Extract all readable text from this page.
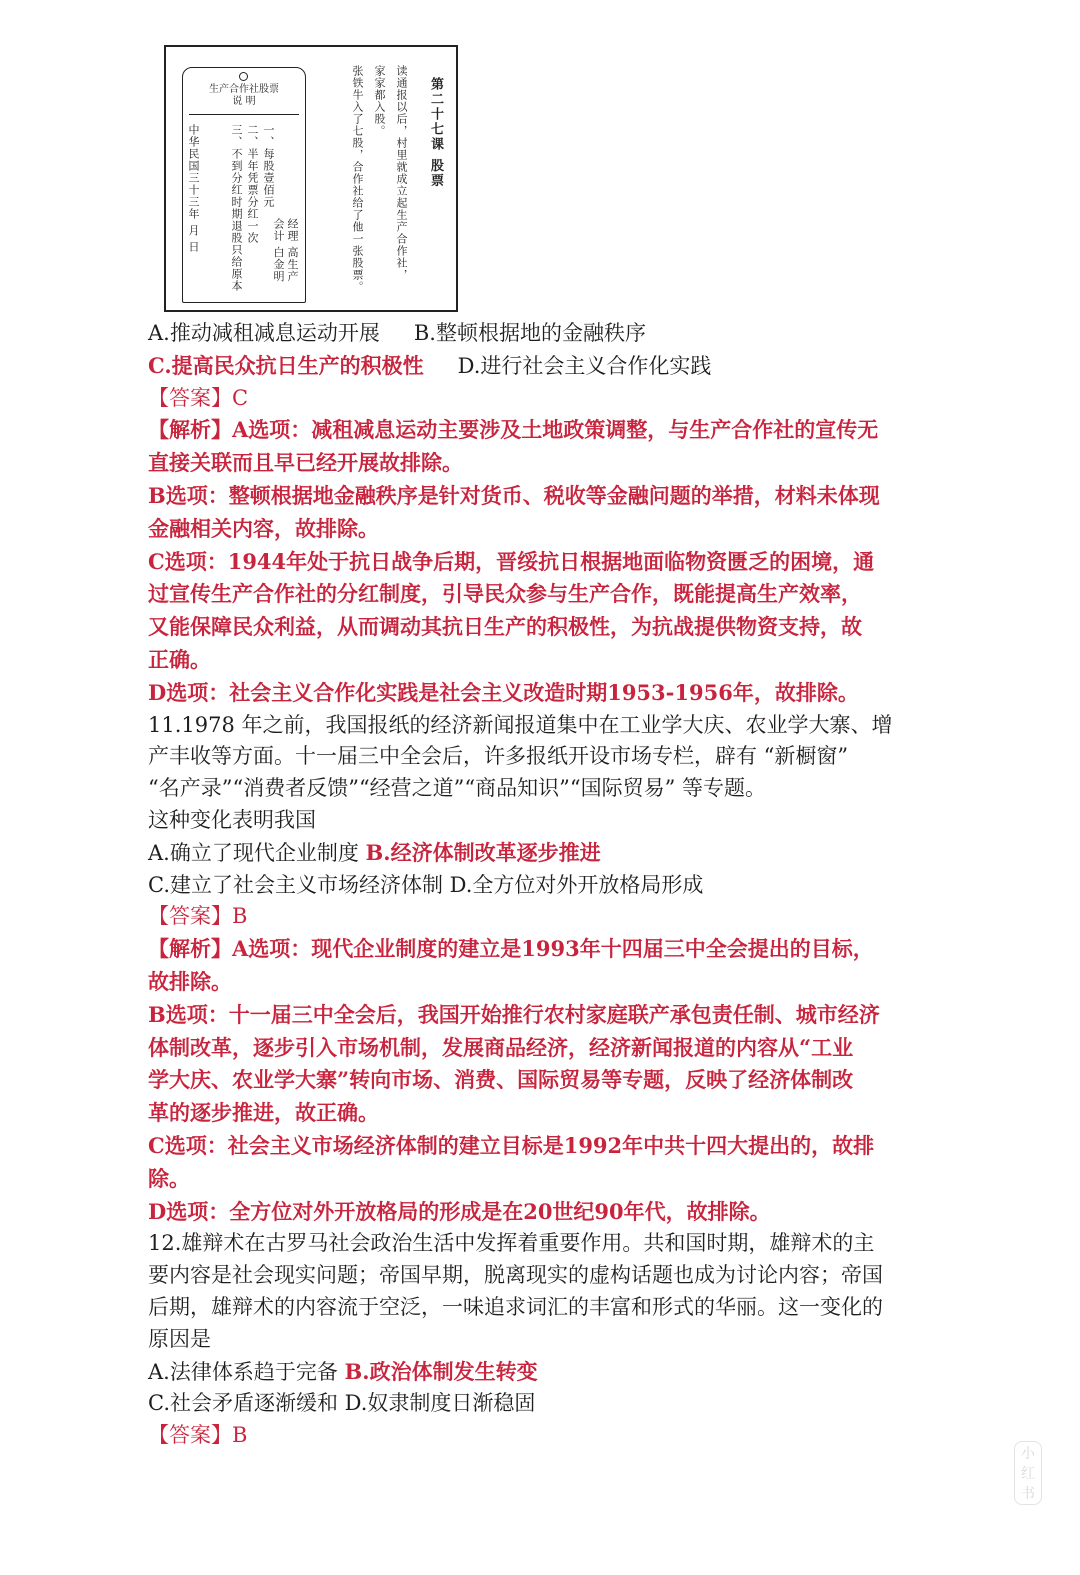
第二十七课 股票
读通报以后，村里就成立起生产合作社，
家家都入股。
张铁牛入了七股，合作社给了他一张股票。
生产合作社股票
说 明
一、每股壹佰元
二、半年凭票分红一次
三、不到分红时期退股只给原本	经理 高生产
会计 白金明
中华民国三十三年 月 日
A.推动减租减息运动开展 B.整顿根据地的金融秩序
C.提高民众抗日生产的积极性 D.进行社会主义合作化实践
【答案】C
【解析】A选项：减租减息运动主要涉及土地政策调整，与生产合作社的宣传无
直接关联而且早已经开展故排除。
B选项：整顿根据地金融秩序是针对货币、税收等金融问题的举措，材料未体现
金融相关内容，故排除。
C选项：1944年处于抗日战争后期，晋绥抗日根据地面临物资匮乏的困境，通
过宣传生产合作社的分红制度，引导民众参与生产合作，既能提高生产效率，
又能保障民众利益，从而调动其抗日生产的积极性，为抗战提供物资支持，故
正确。
D选项：社会主义合作化实践是社会主义改造时期1953-1956年，故排除。
11.1978 年之前，我国报纸的经济新闻报道集中在工业学大庆、农业学大寨、增
产丰收等方面。十一届三中全会后，许多报纸开设市场专栏，辟有 “新橱窗”
“名产录”“消费者反馈”“经营之道”“商品知识”“国际贸易” 等专题。
这种变化表明我国
A.确立了现代企业制度 B.经济体制改革逐步推进
C.建立了社会主义市场经济体制 D.全方位对外开放格局形成
【答案】B
【解析】A选项：现代企业制度的建立是1993年十四届三中全会提出的目标，
故排除。
B选项：十一届三中全会后，我国开始推行农村家庭联产承包责任制、城市经济
体制改革，逐步引入市场机制，发展商品经济，经济新闻报道的内容从“工业
学大庆、农业学大寨”转向市场、消费、国际贸易等专题，反映了经济体制改
革的逐步推进，故正确。
C选项：社会主义市场经济体制的建立目标是1992年中共十四大提出的，故排
除。
D选项：全方位对外开放格局的形成是在20世纪90年代，故排除。
12.雄辩术在古罗马社会政治生活中发挥着重要作用。共和国时期，雄辩术的主
要内容是社会现实问题；帝国早期，脱离现实的虚构话题也成为讨论内容；帝国
后期，雄辩术的内容流于空泛，一味追求词汇的丰富和形式的华丽。这一变化的
原因是
A.法律体系趋于完备 B.政治体制发生转变
C.社会矛盾逐渐缓和 D.奴隶制度日渐稳固
【答案】B
小红书
